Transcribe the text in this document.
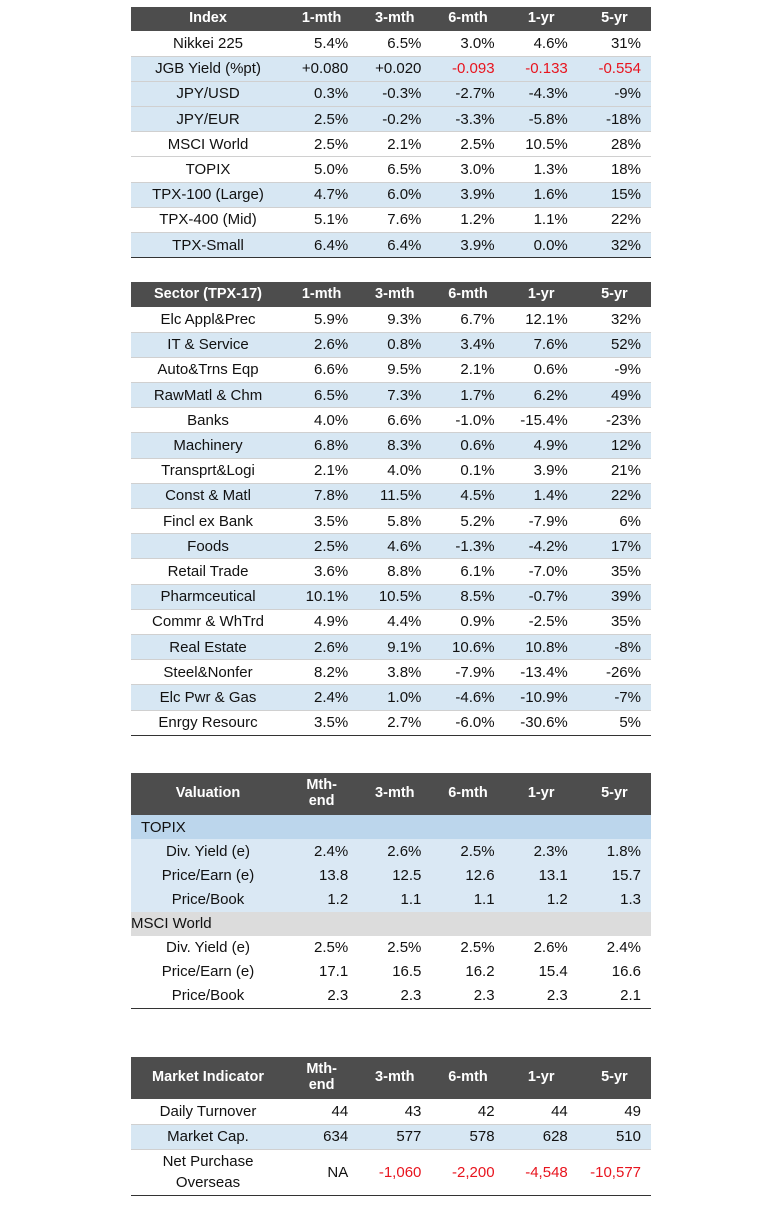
Index	1-mth	3-mth	6-mth	1-yr	5-yr
Nikkei 225	5.4%	6.5%	3.0%	4.6%	31%
JGB Yield (%pt)	+0.080	+0.020	-0.093	-0.133	-0.554
JPY/USD	0.3%	-0.3%	-2.7%	-4.3%	-9%
JPY/EUR	2.5%	-0.2%	-3.3%	-5.8%	-18%
MSCI World	2.5%	2.1%	2.5%	10.5%	28%
TOPIX	5.0%	6.5%	3.0%	1.3%	18%
TPX-100 (Large)	4.7%	6.0%	3.9%	1.6%	15%
TPX-400 (Mid)	5.1%	7.6%	1.2%	1.1%	22%
TPX-Small	6.4%	6.4%	3.9%	0.0%	32%
Sector (TPX-17)	1-mth	3-mth	6-mth	1-yr	5-yr
Elc Appl&Prec	5.9%	9.3%	6.7%	12.1%	32%
IT & Service	2.6%	0.8%	3.4%	7.6%	52%
Auto&Trns Eqp	6.6%	9.5%	2.1%	0.6%	-9%
RawMatl & Chm	6.5%	7.3%	1.7%	6.2%	49%
Banks	4.0%	6.6%	-1.0%	-15.4%	-23%
Machinery	6.8%	8.3%	0.6%	4.9%	12%
Transprt&Logi	2.1%	4.0%	0.1%	3.9%	21%
Const & Matl	7.8%	11.5%	4.5%	1.4%	22%
Fincl ex Bank	3.5%	5.8%	5.2%	-7.9%	6%
Foods	2.5%	4.6%	-1.3%	-4.2%	17%
Retail Trade	3.6%	8.8%	6.1%	-7.0%	35%
Pharmceutical	10.1%	10.5%	8.5%	-0.7%	39%
Commr & WhTrd	4.9%	4.4%	0.9%	-2.5%	35%
Real Estate	2.6%	9.1%	10.6%	10.8%	-8%
Steel&Nonfer	8.2%	3.8%	-7.9%	-13.4%	-26%
Elc Pwr & Gas	2.4%	1.0%	-4.6%	-10.9%	-7%
Enrgy Resourc	3.5%	2.7%	-6.0%	-30.6%	5%
Valuation	Mth-end	3-mth	6-mth	1-yr	5-yr
TOPIX					
Div. Yield (e)	2.4%	2.6%	2.5%	2.3%	1.8%
Price/Earn (e)	13.8	12.5	12.6	13.1	15.7
Price/Book	1.2	1.1	1.1	1.2	1.3
MSCI World					
Div. Yield (e)	2.5%	2.5%	2.5%	2.6%	2.4%
Price/Earn (e)	17.1	16.5	16.2	15.4	16.6
Price/Book	2.3	2.3	2.3	2.3	2.1
Market Indicator	Mth-end	3-mth	6-mth	1-yr	5-yr
Daily Turnover	44	43	42	44	49
Market Cap.	634	577	578	628	510
Net Purchase Overseas	NA	-1,060	-2,200	-4,548	-10,577
